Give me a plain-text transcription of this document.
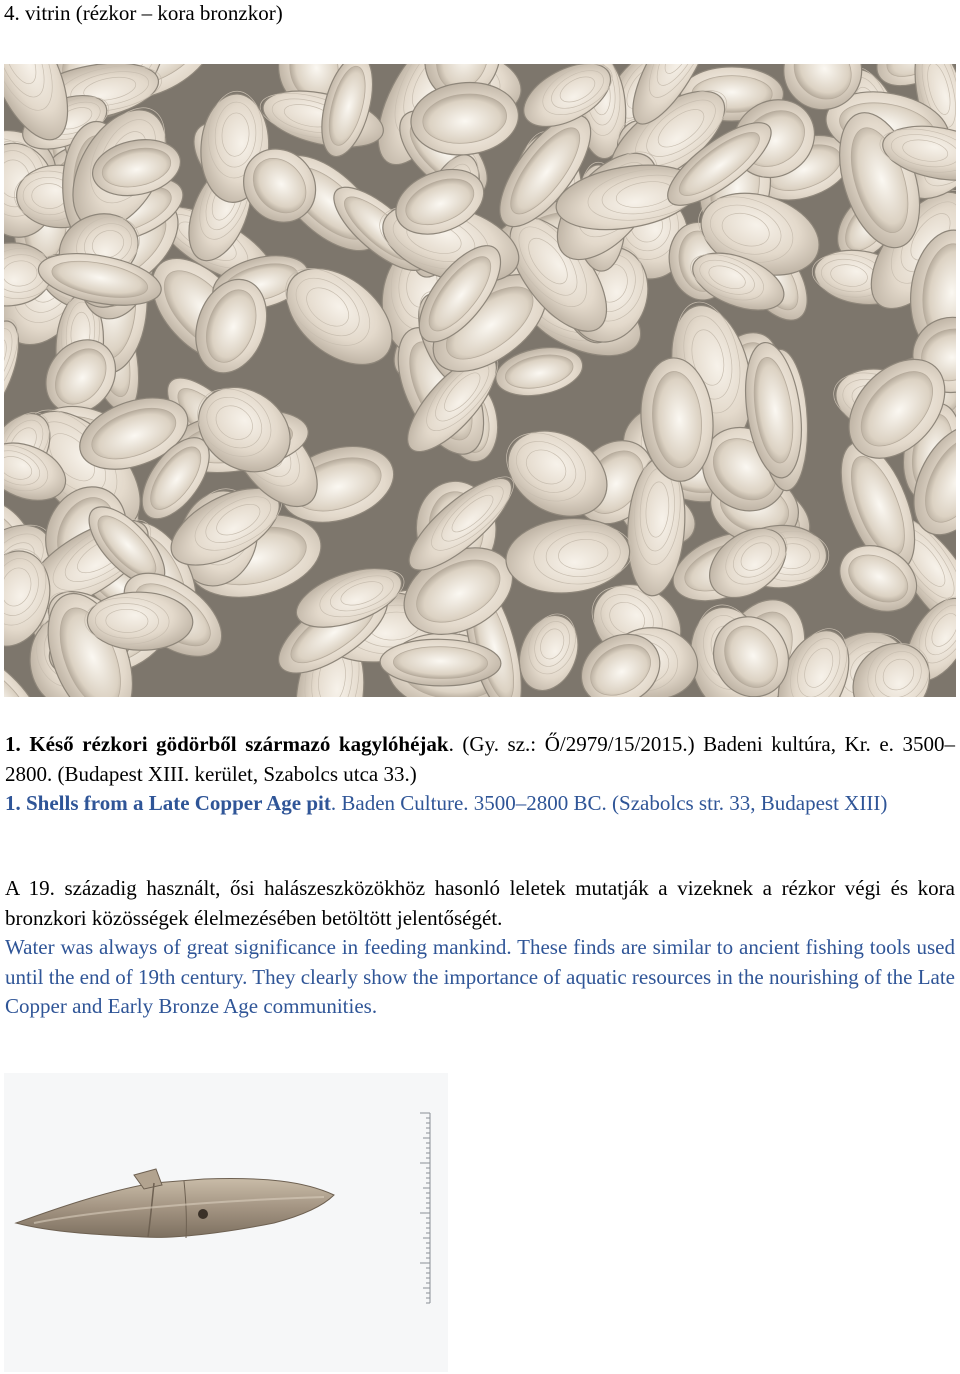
4. vitrin (rézkor – kora bronzkor)
1. Késő rézkori gödörből származó kagylóhéjak. (Gy. sz.: Ő/2979/15/2015.) Badeni kultúra, Kr. e. 3500–2800. (Budapest XIII. kerület, Szabolcs utca 33.)
1. Shells from a Late Copper Age pit. Baden Culture. 3500–2800 BC. (Szabolcs str. 33, Budapest XIII)
A 19. századig használt, ősi halászeszközökhöz hasonló leletek mutatják a vizeknek a rézkor végi és kora bronzkori közösségek élelmezésében betöltött jelentőségét.
Water was always of great significance in feeding mankind. These finds are similar to ancient fishing tools used until the end of 19th century. They clearly show the importance of aquatic resources in the nourishing of the Late Copper and Early Bronze Age communities.
